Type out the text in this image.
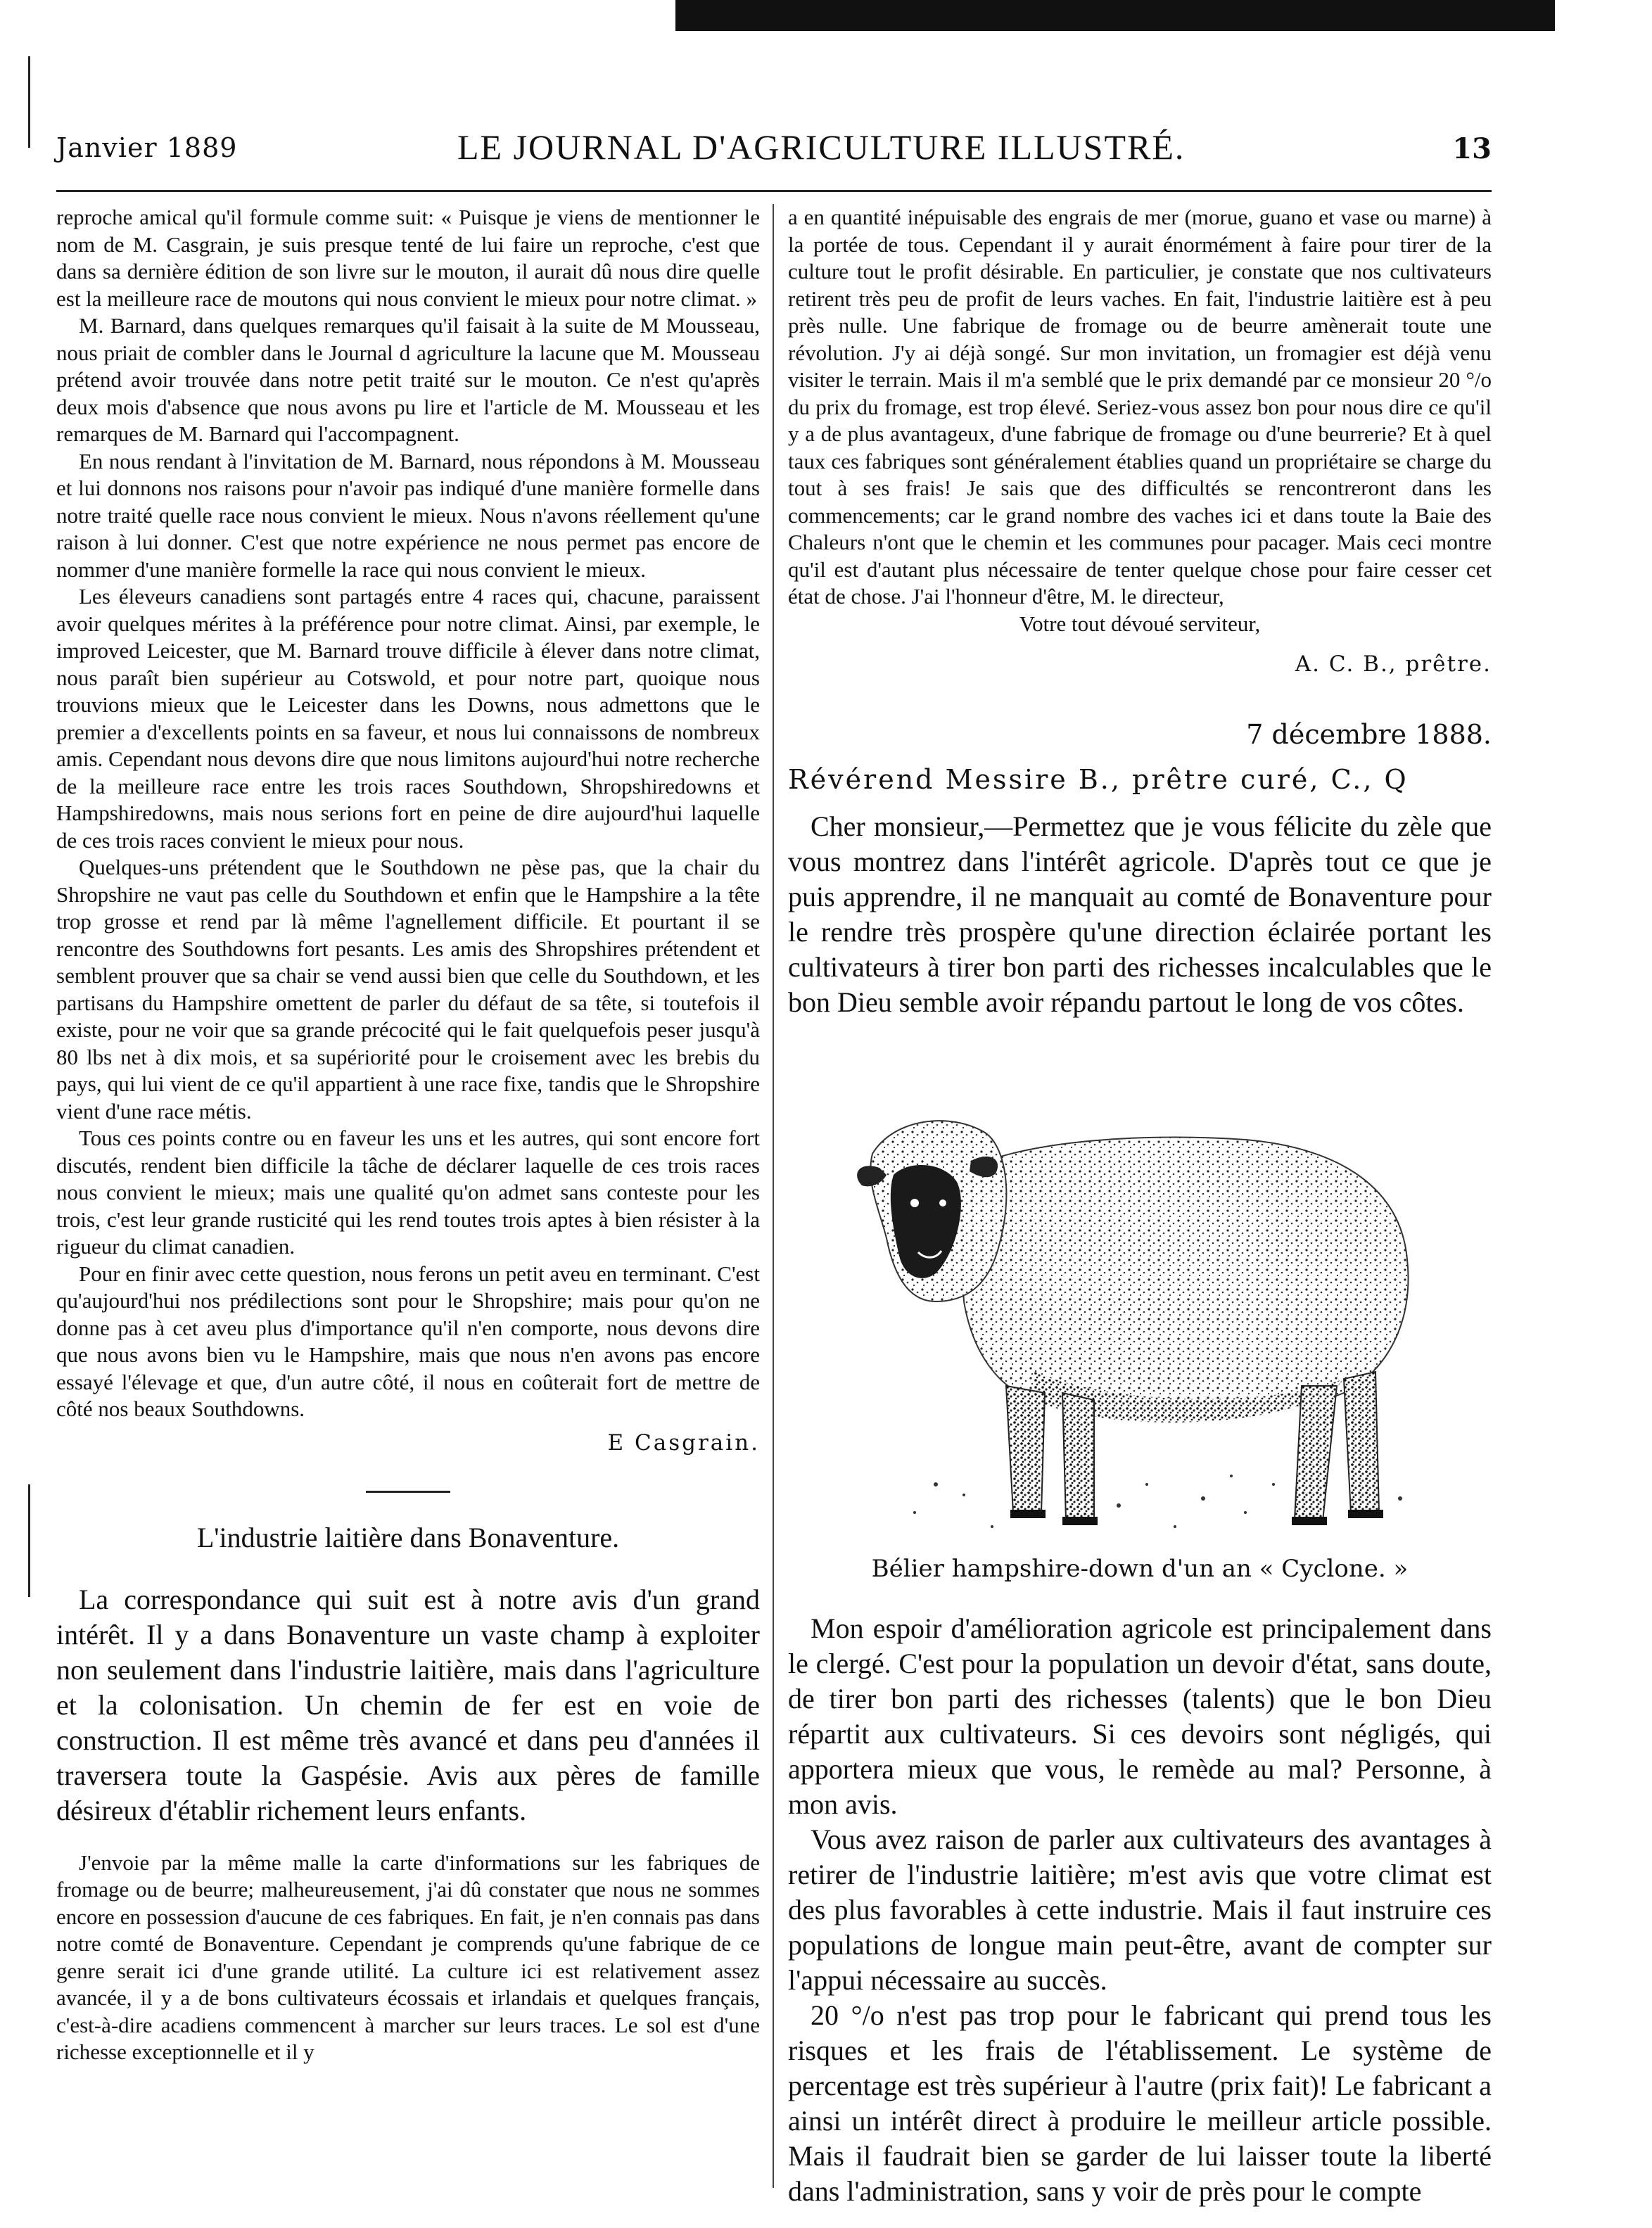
Janvier 1889	LE JOURNAL D'AGRICULTURE ILLUSTRÉ.	13

reproche amical qu'il formule comme suit: « Puisque je viens de mentionner le nom de M. Casgrain, je suis presque tenté de lui faire un reproche, c'est que dans sa dernière édition de son livre sur le mouton, il aurait dû nous dire quelle est la meilleure race de moutons qui nous convient le mieux pour notre climat. »

M. Barnard, dans quelques remarques qu'il faisait à la suite de M Mousseau, nous priait de combler dans le Journal d agriculture la lacune que M. Mousseau prétend avoir trouvée dans notre petit traité sur le mouton. Ce n'est qu'après deux mois d'absence que nous avons pu lire et l'article de M. Mousseau et les remarques de M. Barnard qui l'accompagnent.

En nous rendant à l'invitation de M. Barnard, nous répondons à M. Mousseau et lui donnons nos raisons pour n'avoir pas indiqué d'une manière formelle dans notre traité quelle race nous convient le mieux. Nous n'avons réellement qu'une raison à lui donner. C'est que notre expérience ne nous permet pas encore de nommer d'une manière formelle la race qui nous convient le mieux.

Les éleveurs canadiens sont partagés entre 4 races qui, chacune, paraissent avoir quelques mérites à la préférence pour notre climat. Ainsi, par exemple, le improved Leicester, que M. Barnard trouve difficile à élever dans notre climat, nous paraît bien supérieur au Cotswold, et pour notre part, quoique nous trouvions mieux que le Leicester dans les Downs, nous admettons que le premier a d'excellents points en sa faveur, et nous lui connaissons de nombreux amis. Cependant nous devons dire que nous limitons aujourd'hui notre recherche de la meilleure race entre les trois races Southdown, Shropshiredowns et Hampshiredowns, mais nous serions fort en peine de dire aujourd'hui laquelle de ces trois races convient le mieux pour nous.

Quelques-uns prétendent que le Southdown ne pèse pas, que la chair du Shropshire ne vaut pas celle du Southdown et enfin que le Hampshire a la tête trop grosse et rend par là même l'agnellement difficile. Et pourtant il se rencontre des Southdowns fort pesants. Les amis des Shropshires prétendent et semblent prouver que sa chair se vend aussi bien que celle du Southdown, et les partisans du Hampshire omettent de parler du défaut de sa tête, si toutefois il existe, pour ne voir que sa grande précocité qui le fait quelquefois peser jusqu'à 80 lbs net à dix mois, et sa supériorité pour le croisement avec les brebis du pays, qui lui vient de ce qu'il appartient à une race fixe, tandis que le Shropshire vient d'une race métis.

Tous ces points contre ou en faveur les uns et les autres, qui sont encore fort discutés, rendent bien difficile la tâche de déclarer laquelle de ces trois races nous convient le mieux; mais une qualité qu'on admet sans conteste pour les trois, c'est leur grande rusticité qui les rend toutes trois aptes à bien résister à la rigueur du climat canadien.

Pour en finir avec cette question, nous ferons un petit aveu en terminant. C'est qu'aujourd'hui nos prédilections sont pour le Shropshire; mais pour qu'on ne donne pas à cet aveu plus d'importance qu'il n'en comporte, nous devons dire que nous avons bien vu le Hampshire, mais que nous n'en avons pas encore essayé l'élevage et que, d'un autre côté, il nous en coûterait fort de mettre de côté nos beaux Southdowns.

E Casgrain.
L'industrie laitière dans Bonaventure.

La correspondance qui suit est à notre avis d'un grand intérêt. Il y a dans Bonaventure un vaste champ à exploiter non seulement dans l'industrie laitière, mais dans l'agriculture et la colonisation. Un chemin de fer est en voie de construction. Il est même très avancé et dans peu d'années il traversera toute la Gaspésie. Avis aux pères de famille désireux d'établir richement leurs enfants.

J'envoie par la même malle la carte d'informations sur les fabriques de fromage ou de beurre; malheureusement, j'ai dû constater que nous ne sommes encore en possession d'aucune de ces fabriques. En fait, je n'en connais pas dans notre comté de Bonaventure. Cependant je comprends qu'une fabrique de ce genre serait ici d'une grande utilité. La culture ici est relativement assez avancée, il y a de bons cultivateurs écossais et irlandais et quelques français, c'est-à-dire acadiens commencent à marcher sur leurs traces. Le sol est d'une richesse exceptionnelle et il y

a en quantité inépuisable des engrais de mer (morue, guano et vase ou marne) à la portée de tous. Cependant il y aurait énormément à faire pour tirer de la culture tout le profit désirable. En particulier, je constate que nos cultivateurs retirent très peu de profit de leurs vaches. En fait, l'industrie laitière est à peu près nulle. Une fabrique de fromage ou de beurre amènerait toute une révolution. J'y ai déjà songé. Sur mon invitation, un fromagier est déjà venu visiter le terrain. Mais il m'a semblé que le prix demandé par ce monsieur 20 °/o du prix du fromage, est trop élevé. Seriez-vous assez bon pour nous dire ce qu'il y a de plus avantageux, d'une fabrique de fromage ou d'une beurrerie? Et à quel taux ces fabriques sont généralement établies quand un propriétaire se charge du tout à ses frais! Je sais que des difficultés se rencontreront dans les commencements; car le grand nombre des vaches ici et dans toute la Baie des Chaleurs n'ont que le chemin et les communes pour pacager. Mais ceci montre qu'il est d'autant plus nécessaire de tenter quelque chose pour faire cesser cet état de chose. J'ai l'honneur d'être, M. le directeur,

Votre tout dévoué serviteur,

A. C. B., prêtre.
7 décembre 1888.
Révérend Messire B., prêtre curé, C., Q

Cher monsieur,—Permettez que je vous félicite du zèle que vous montrez dans l'intérêt agricole. D'après tout ce que je puis apprendre, il ne manquait au comté de Bonaventure pour le rendre très prospère qu'une direction éclairée portant les cultivateurs à tirer bon parti des richesses incalculables que le bon Dieu semble avoir répandu partout le long de vos côtes.

Bélier hampshire-down d'un an « Cyclone. »

Mon espoir d'amélioration agricole est principalement dans le clergé. C'est pour la population un devoir d'état, sans doute, de tirer bon parti des richesses (talents) que le bon Dieu répartit aux cultivateurs. Si ces devoirs sont négligés, qui apportera mieux que vous, le remède au mal? Personne, à mon avis.

Vous avez raison de parler aux cultivateurs des avantages à retirer de l'industrie laitière; m'est avis que votre climat est des plus favorables à cette industrie. Mais il faut instruire ces populations de longue main peut-être, avant de compter sur l'appui nécessaire au succès.

20 °/o n'est pas trop pour le fabricant qui prend tous les risques et les frais de l'établissement. Le système de percentage est très supérieur à l'autre (prix fait)! Le fabricant a ainsi un intérêt direct à produire le meilleur article possible. Mais il faudrait bien se garder de lui laisser toute la liberté dans l'administration, sans y voir de près pour le compte
